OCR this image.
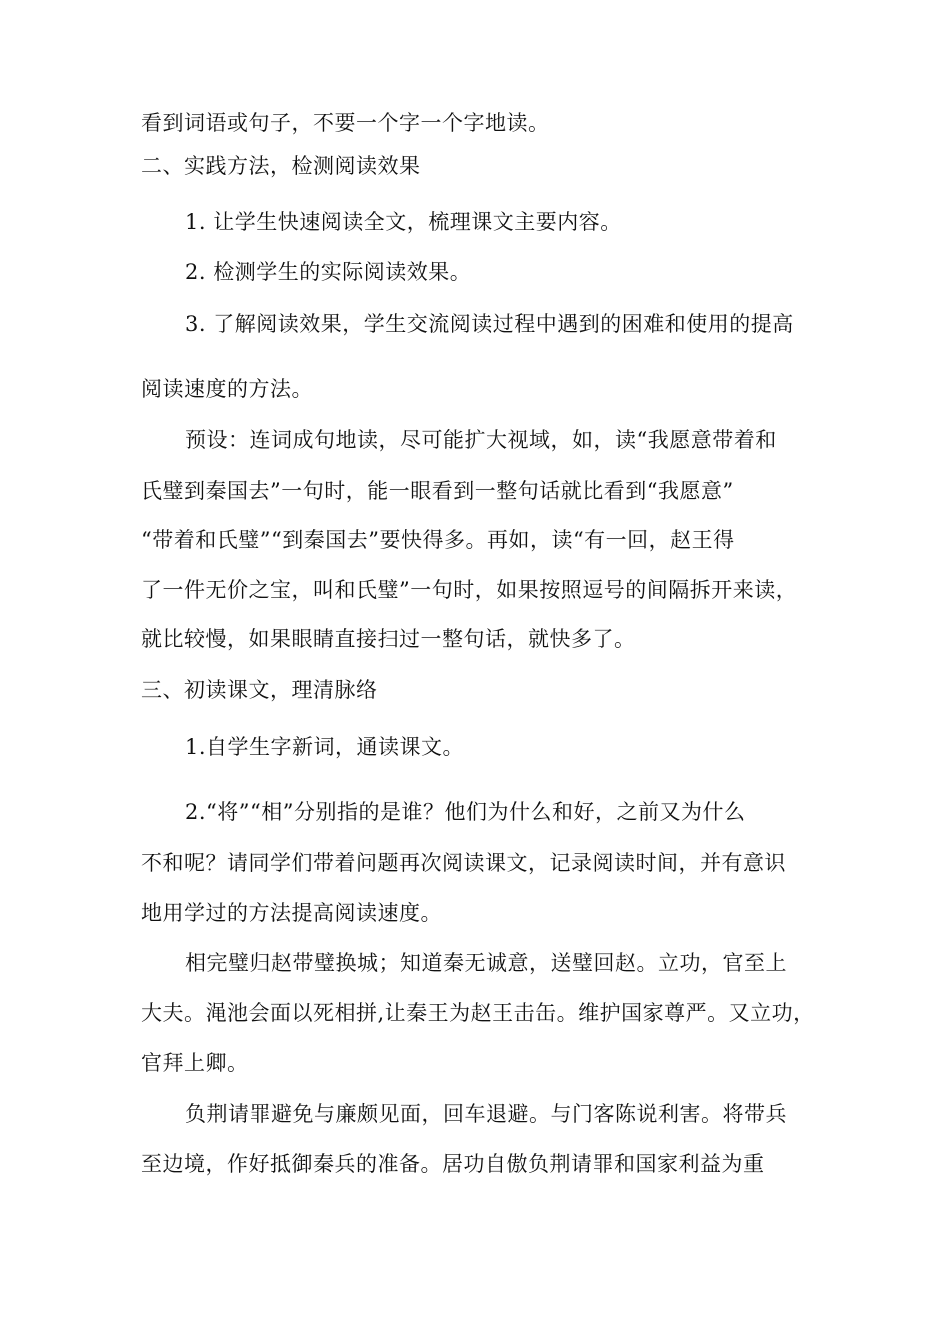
看到词语或句子，不要一个字一个字地读。
二、实践方法，检测阅读效果
1. 让学生快速阅读全文，梳理课文主要内容。
2. 检测学生的实际阅读效果。
3. 了解阅读效果，学生交流阅读过程中遇到的困难和使用的提高
阅读速度的方法。
预设：连词成句地读，尽可能扩大视域，如，读“我愿意带着和
氏璧到秦国去”一句时，能一眼看到一整句话就比看到“我愿意”
“带着和氏璧”“到秦国去”要快得多。再如，读“有一回，赵王得
了一件无价之宝，叫和氏璧”一句时，如果按照逗号的间隔拆开来读，
就比较慢，如果眼睛直接扫过一整句话，就快多了。
三、初读课文，理清脉络
1.自学生字新词，通读课文。
2.“将”“相”分别指的是谁？他们为什么和好，之前又为什么
不和呢？请同学们带着问题再次阅读课文，记录阅读时间，并有意识
地用学过的方法提高阅读速度。
相完璧归赵带璧换城；知道秦无诚意，送璧回赵。立功，官至上
大夫。渑池会面以死相拼,让秦王为赵王击缶。维护国家尊严。又立功，
官拜上卿。
负荆请罪避免与廉颇见面，回车退避。与门客陈说利害。将带兵
至边境，作好抵御秦兵的准备。居功自傲负荆请罪和国家利益为重
